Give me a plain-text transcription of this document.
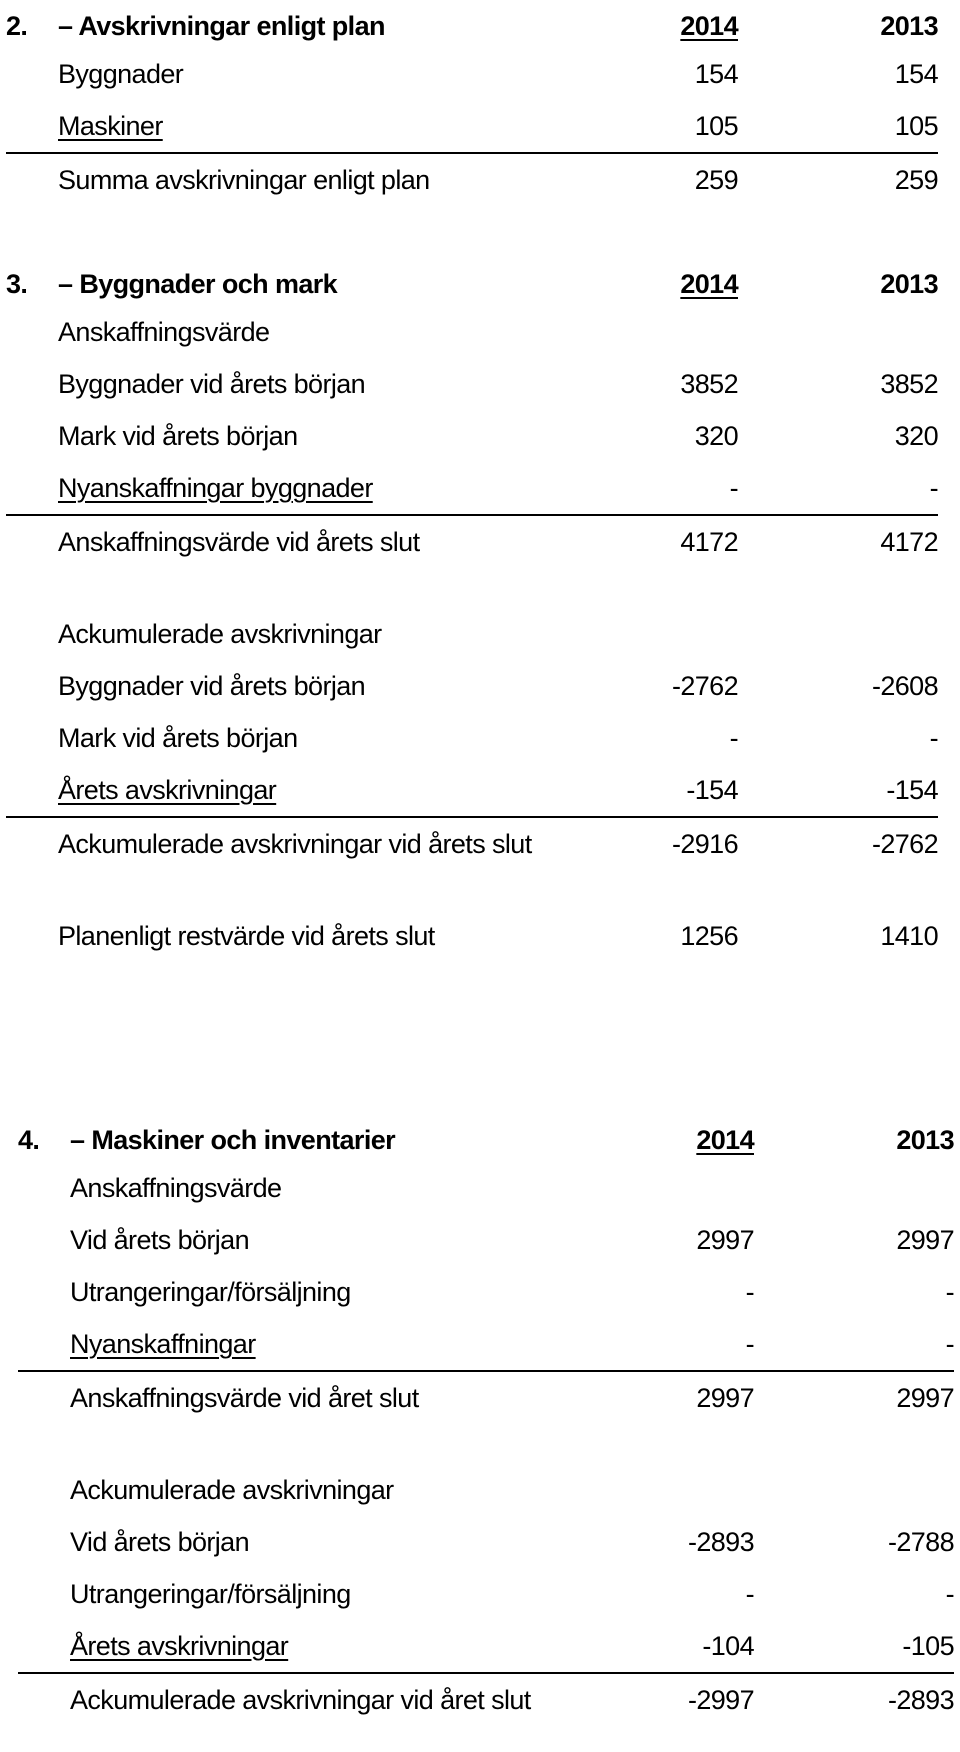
2.	– Avskrivningar enligt plan	2014	2013
Byggnader	154	154
Maskiner	105	105
Summa avskrivningar enligt plan	259	259
3.	– Byggnader och mark	2014	2013
Anskaffningsvärde
Byggnader vid årets början	3852	3852
Mark vid årets början	320	320
Nyanskaffningar byggnader	-	-
Anskaffningsvärde vid årets slut	4172	4172
Ackumulerade avskrivningar
Byggnader vid årets början	-2762	-2608
Mark vid årets början	-	-
Årets avskrivningar	-154	-154
Ackumulerade avskrivningar vid årets slut	-2916	-2762
Planenligt restvärde vid årets slut	1256	1410
4.	– Maskiner och inventarier	2014	2013
Anskaffningsvärde
Vid årets början	2997	2997
Utrangeringar/försäljning	-	-
Nyanskaffningar	-	-
Anskaffningsvärde vid året slut	2997	2997
Ackumulerade avskrivningar
Vid årets början	-2893	-2788
Utrangeringar/försäljning	-	-
Årets avskrivningar	-104	-105
Ackumulerade avskrivningar vid året slut	-2997	-2893
